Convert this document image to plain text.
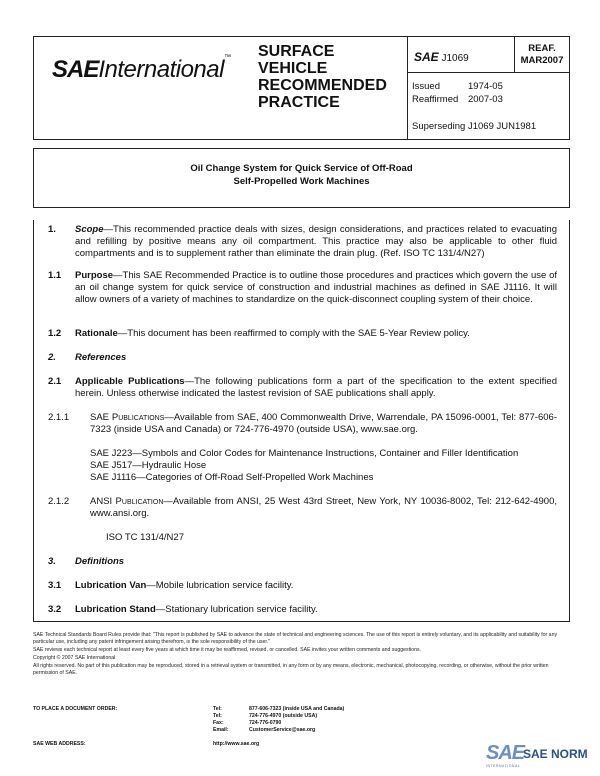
SAEInternational™ SURFACE
VEHICLE
RECOMMENDED
PRACTICE
SAE J1069
REAF.
MAR2007
Issued	1974-05
Reaffirmed	2007-03
Superseding J1069 JUN1981
Oil Change System for Quick Service of Off-Road
Self-Propelled Work Machines
1. Scope—This recommended practice deals with sizes, design considerations, and practices related to evacuating and refilling by positive means any oil compartment. This practice may also be applicable to other fluid compartments and is to supplement rather than eliminate the drain plug. (Ref. ISO TC 131/4/N27)
1.1 Purpose—This SAE Recommended Practice is to outline those procedures and practices which govern the use of an oil change system for quick service of construction and industrial machines as defined in SAE J1116. It will allow owners of a variety of machines to standardize on the quick-disconnect coupling system of their choice.
1.2 Rationale—This document has been reaffirmed to comply with the SAE 5-Year Review policy.
2. References
2.1 Applicable Publications—The following publications form a part of the specification to the extent specified herein. Unless otherwise indicated the lastest revision of SAE publications shall apply.
2.1.1 SAE Publications—Available from SAE, 400 Commonwealth Drive, Warrendale, PA 15096-0001, Tel: 877-606-7323 (inside USA and Canada) or 724-776-4970 (outside USA), www.sae.org.
SAE J223—Symbols and Color Codes for Maintenance Instructions, Container and Filler Identification
SAE J517—Hydraulic Hose
SAE J1116—Categories of Off-Road Self-Propelled Work Machines
2.1.2 ANSI Publication—Available from ANSI, 25 West 43rd Street, New York, NY 10036-8002, Tel: 212-642-4900, www.ansi.org.
ISO TC 131/4/N27
3. Definitions
3.1 Lubrication Van—Mobile lubrication service facility.
3.2 Lubrication Stand—Stationary lubrication service facility.

SAE Technical Standards Board Rules provide that: "This report is published by SAE to advance the state of technical and engineering sciences. The use of this report is entirely voluntary, and its applicability and suitability for any particular use, including any patent infringement arising therefrom, is the sole responsibility of the user."

SAE reviews each technical report at least every five years at which time it may be reaffirmed, revised, or cancelled. SAE invites your written comments and suggestions.

Copyright © 2007 SAE International

All rights reserved. No part of this publication may be reproduced, stored in a retrieval system or transmitted, in any form or by any means, electronic, mechanical, photocopying, recording, or otherwise, without the prior written permission of SAE.

TO PLACE A DOCUMENT ORDER:	Tel:	877-606-7323 (inside USA and Canada)
Tel:	724-776-4970 (outside USA)
Fax:	724-776-0790
Email:	CustomerService@sae.org
SAE WEB ADDRESS:	http://www.sae.org	SAE
SAE NORM
INTERNATIONAL
